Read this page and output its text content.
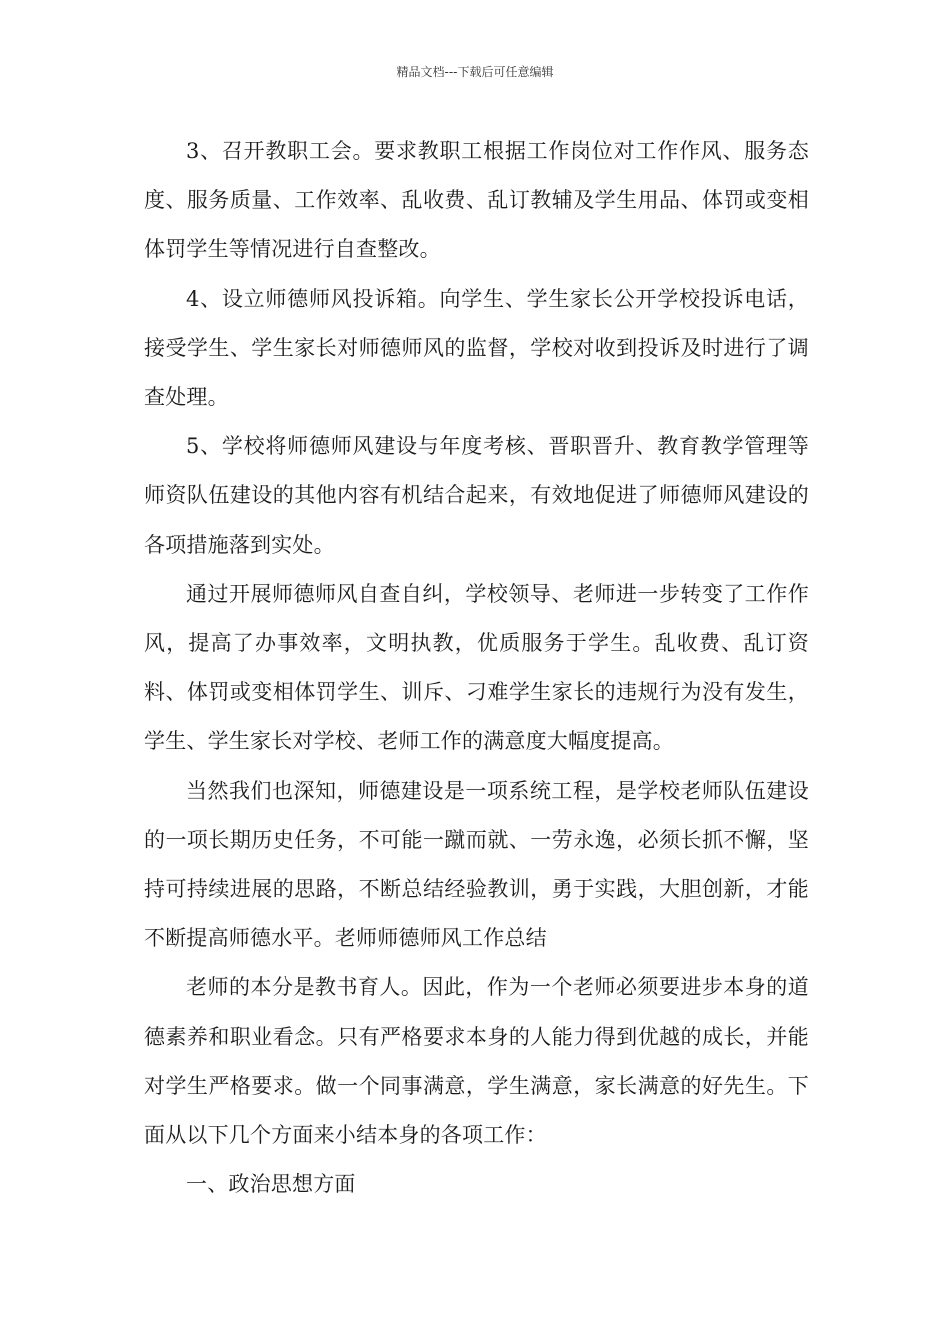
精品文档---下载后可任意编辑

3、召开教职工会。要求教职工根据工作岗位对工作作风、服务态度、服务质量、工作效率、乱收费、乱订教辅及学生用品、体罚或变相体罚学生等情况进行自查整改。

4、设立师德师风投诉箱。向学生、学生家长公开学校投诉电话，接受学生、学生家长对师德师风的监督，学校对收到投诉及时进行了调查处理。

5、学校将师德师风建设与年度考核、晋职晋升、教育教学管理等师资队伍建设的其他内容有机结合起来，有效地促进了师德师风建设的各项措施落到实处。

通过开展师德师风自查自纠，学校领导、老师进一步转变了工作作风，提高了办事效率，文明执教，优质服务于学生。乱收费、乱订资料、体罚或变相体罚学生、训斥、刁难学生家长的违规行为没有发生，学生、学生家长对学校、老师工作的满意度大幅度提高。

当然我们也深知，师德建设是一项系统工程，是学校老师队伍建设的一项长期历史任务，不可能一蹴而就、一劳永逸，必须长抓不懈，坚持可持续进展的思路，不断总结经验教训，勇于实践，大胆创新，才能不断提高师德水平。老师师德师风工作总结

老师的本分是教书育人。因此，作为一个老师必须要进步本身的道德素养和职业看念。只有严格要求本身的人能力得到优越的成长，并能对学生严格要求。做一个同事满意，学生满意，家长满意的好先生。下面从以下几个方面来小结本身的各项工作：

一、政治思想方面
